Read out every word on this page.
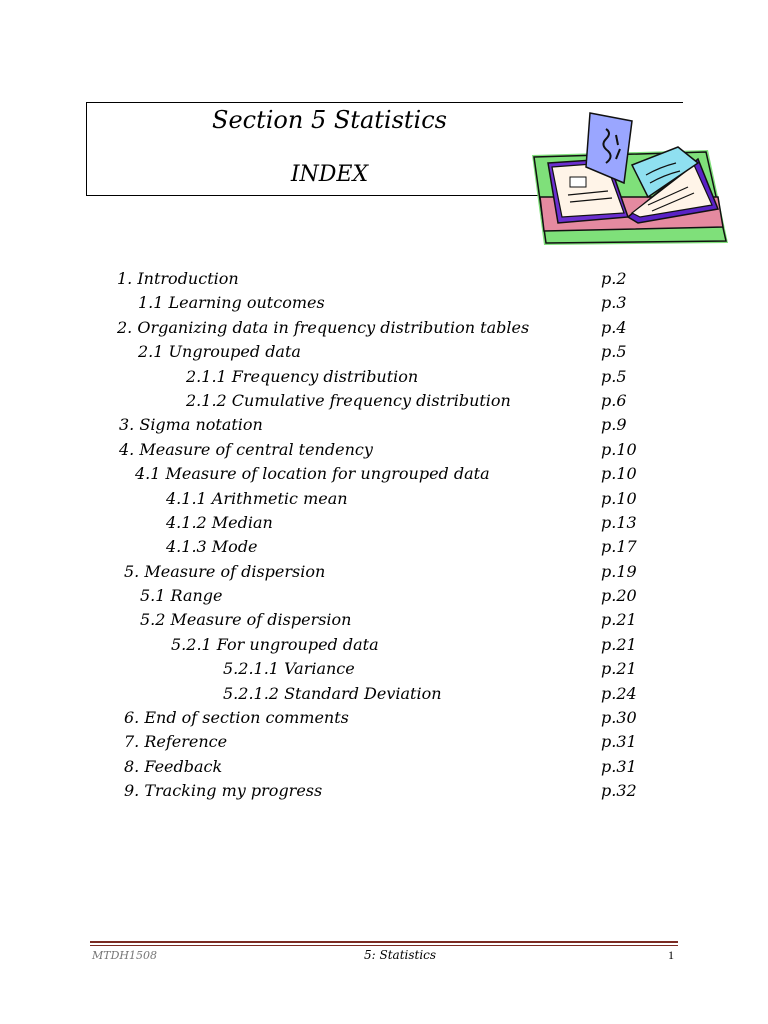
Section 5 Statistics
INDEX
1. Introduction	p.2
1.1 Learning outcomes	p.3
2. Organizing data in frequency distribution tables	p.4
2.1 Ungrouped data	p.5
2.1.1 Frequency distribution	p.5
2.1.2 Cumulative frequency distribution	p.6
3. Sigma notation	p.9
4. Measure of central tendency	p.10
4.1 Measure of location for ungrouped data	p.10
4.1.1 Arithmetic mean	p.10
4.1.2 Median	p.13
4.1.3 Mode	p.17
5. Measure of dispersion	p.19
5.1 Range	p.20
5.2 Measure of dispersion	p.21
5.2.1 For ungrouped data	p.21
5.2.1.1 Variance	p.21
5.2.1.2 Standard Deviation	p.24
6. End of section comments	p.30
7. Reference	p.31
8. Feedback	p.31
9. Tracking my progress	p.32
MTDH1508	5: Statistics	1
